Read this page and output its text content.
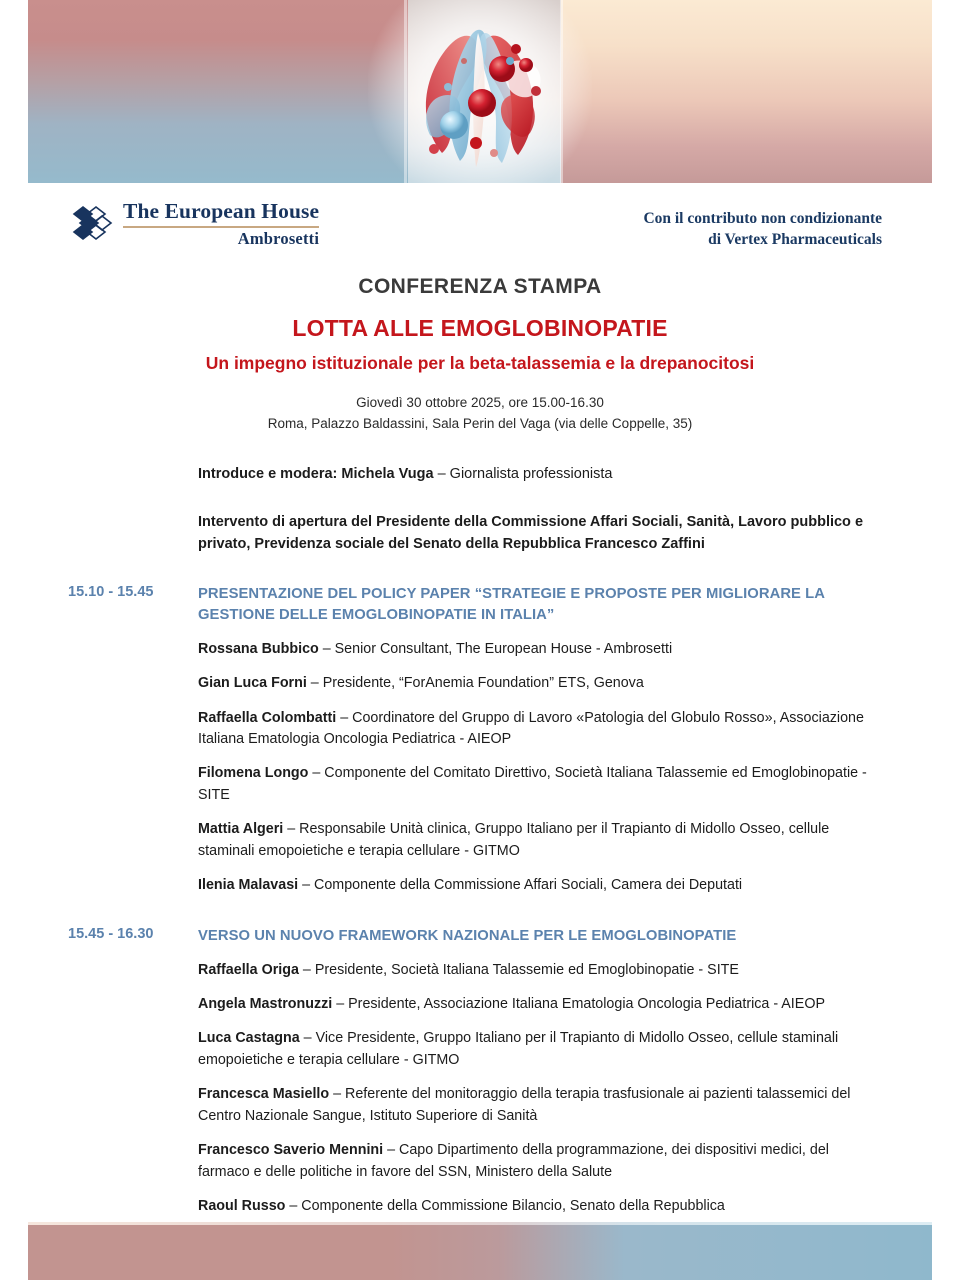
The European House
Ambrosetti
Con il contributo non condizionante
di Vertex Pharmaceuticals
CONFERENZA STAMPA
LOTTA ALLE EMOGLOBINOPATIE
Un impegno istituzionale per la beta-talassemia e la drepanocitosi
Giovedì 30 ottobre 2025, ore 15.00-16.30
Roma, Palazzo Baldassini, Sala Perin del Vaga (via delle Coppelle, 35)
Introduce e modera: Michela Vuga – Giornalista professionista
Intervento di apertura del Presidente della Commissione Affari Sociali, Sanità, Lavoro pubblico e privato, Previdenza sociale del Senato della Repubblica Francesco Zaffini
15.10 - 15.45	PRESENTAZIONE DEL POLICY PAPER “STRATEGIE E PROPOSTE PER MIGLIORARE LA GESTIONE DELLE EMOGLOBINOPATIE IN ITALIA”
Rossana Bubbico – Senior Consultant, The European House - Ambrosetti
Gian Luca Forni – Presidente, “ForAnemia Foundation” ETS, Genova
Raffaella Colombatti – Coordinatore del Gruppo di Lavoro «Patologia del Globulo Rosso», Associazione Italiana Ematologia Oncologia Pediatrica - AIEOP
Filomena Longo – Componente del Comitato Direttivo, Società Italiana Talassemie ed Emoglobinopatie - SITE
Mattia Algeri – Responsabile Unità clinica, Gruppo Italiano per il Trapianto di Midollo Osseo, cellule staminali emopoietiche e terapia cellulare - GITMO
Ilenia Malavasi – Componente della Commissione Affari Sociali, Camera dei Deputati
15.45 - 16.30	VERSO UN NUOVO FRAMEWORK NAZIONALE PER LE EMOGLOBINOPATIE
Raffaella Origa – Presidente, Società Italiana Talassemie ed Emoglobinopatie - SITE
Angela Mastronuzzi – Presidente, Associazione Italiana Ematologia Oncologia Pediatrica - AIEOP
Luca Castagna – Vice Presidente, Gruppo Italiano per il Trapianto di Midollo Osseo, cellule staminali emopoietiche e terapia cellulare - GITMO
Francesca Masiello – Referente del monitoraggio della terapia trasfusionale ai pazienti talassemici del Centro Nazionale Sangue, Istituto Superiore di Sanità
Francesco Saverio Mennini – Capo Dipartimento della programmazione, dei dispositivi medici, del farmaco e delle politiche in favore del SSN, Ministero della Salute
Raoul Russo – Componente della Commissione Bilancio, Senato della Repubblica
